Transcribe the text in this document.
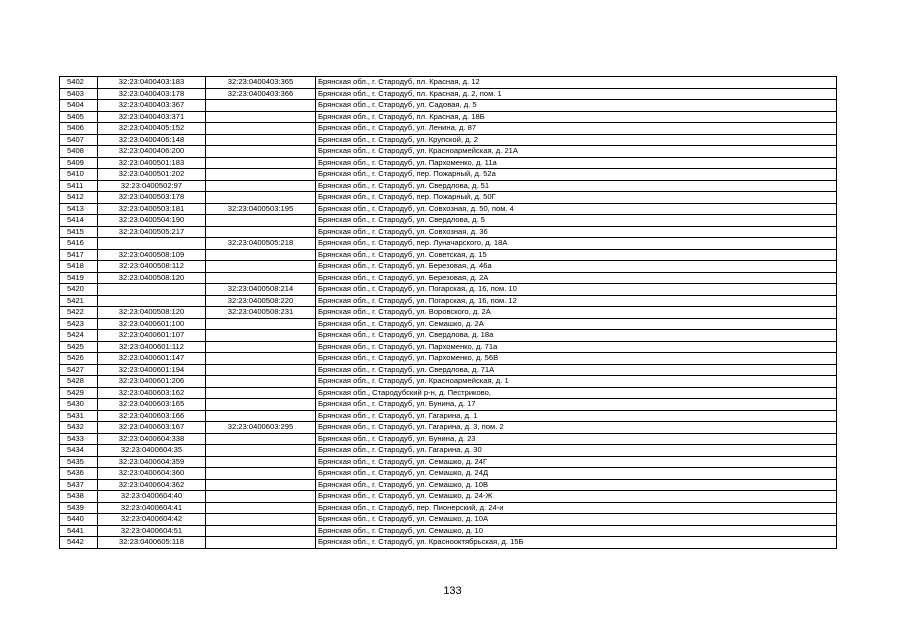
5402	32:23:0400403:183	32:23:0400403:365	Брянская обл., г. Стародуб, пл. Красная, д. 12
5403	32:23:0400403:178	32:23:0400403:366	Брянская обл., г. Стародуб, пл. Красная, д. 2, пом. 1
5404	32:23:0400403:367		Брянская обл., г. Стародуб, ул. Садовая, д. 5
5405	32:23:0400403:371		Брянская обл., г. Стародуб, пл. Красная, д. 18Б
5406	32:23:0400405:152		Брянская обл., г. Стародуб, ул. Ленина, д. 87
5407	32:23:0400406:148		Брянская обл., г. Стародуб, ул. Крупской, д. 2
5408	32:23:0400406:200		Брянская обл., г. Стародуб, ул. Красноармейская, д. 21А
5409	32:23:0400501:183		Брянская обл., г. Стародуб, ул. Пархоменко, д. 11а
5410	32:23:0400501:202		Брянская обл., г. Стародуб, пер. Пожарный, д. 52а
5411	32:23:0400502:97		Брянская обл., г. Стародуб, ул. Свердлова, д. 51
5412	32:23:0400503:178		Брянская обл., г. Стародуб, пер. Пожарный, д. 50Г
5413	32:23:0400503:181	32:23:0400503:195	Брянская обл., г. Стародуб, ул. Совхозная, д. 50, пом. 4
5414	32:23:0400504:190		Брянская обл., г. Стародуб, ул. Свердлова, д. 5
5415	32:23:0400505:217		Брянская обл., г. Стародуб, ул. Совхозная, д. 36
5416		32:23:0400505:218	Брянская обл., г. Стародуб, пер. Луначарского, д. 18А
5417	32:23:0400508:109		Брянская обл., г. Стародуб, ул. Советская, д. 15
5418	32:23:0400508:112		Брянская обл., г. Стародуб, ул. Березовая, д. 46а
5419	32:23:0400508:120		Брянская обл., г. Стародуб, ул. Березовая, д. 2А
5420		32:23:0400508:214	Брянская обл., г. Стародуб, ул. Погарская, д. 16, пом. 10
5421		32:23:0400508:220	Брянская обл., г. Стародуб, ул. Погарская, д. 16, пом. 12
5422	32:23:0400508:120	32:23:0400508:231	Брянская обл., г. Стародуб, ул. Воровского, д. 2А
5423	32:23:0400601:100		Брянская обл., г. Стародуб, ул. Семашко, д. 2А
5424	32:23:0400601:107		Брянская обл., г. Стародуб, ул. Свердлова, д. 18а
5425	32:23:0400601:112		Брянская обл., г. Стародуб, ул. Пархоменко, д. 71а
5426	32:23:0400601:147		Брянская обл., г. Стародуб, ул. Пархоменко, д. 56В
5427	32:23:0400601:194		Брянская обл., г. Стародуб, ул. Свердлова, д. 71А
5428	32:23:0400601:206		Брянская обл., г. Стародуб, ул. Красноармейская, д. 1
5429	32:23:0400603:162		Брянская обл., Стародубский р-н, д. Пестриково,
5430	32:23:0400603:165		Брянская обл., г. Стародуб, ул. Бунина, д. 17
5431	32:23:0400603:166		Брянская обл., г. Стародуб, ул. Гагарина, д. 1
5432	32:23:0400603:167	32:23:0400603:295	Брянская обл., г. Стародуб, ул. Гагарина, д. 3, пом. 2
5433	32:23:0400604:338		Брянская обл., г. Стародуб, ул. Бунина, д. 23
5434	32:23:0400604:35		Брянская обл., г. Стародуб, ул. Гагарина, д. 30
5435	32:23:0400604:359		Брянская обл., г. Стародуб, ул. Семашко, д. 24Г
5436	32:23:0400604:360		Брянская обл., г. Стародуб, ул. Семашко, д. 24Д
5437	32:23:0400604:362		Брянская обл., г. Стародуб, ул. Семашко, д. 10В
5438	32:23:0400604:40		Брянская обл., г. Стародуб, ул. Семашко, д. 24-Ж
5439	32:23:0400604:41		Брянская обл., г. Стародуб, пер. Пионерский, д. 24-и
5440	32:23:0400604:42		Брянская обл., г. Стародуб, ул. Семашко, д. 10А
5441	32:23:0400604:51		Брянская обл., г. Стародуб, ул. Семашко, д. 10
5442	32:23:0400605:118		Брянская обл., г. Стародуб, ул. Краснооктябрьская, д. 15Б
133
